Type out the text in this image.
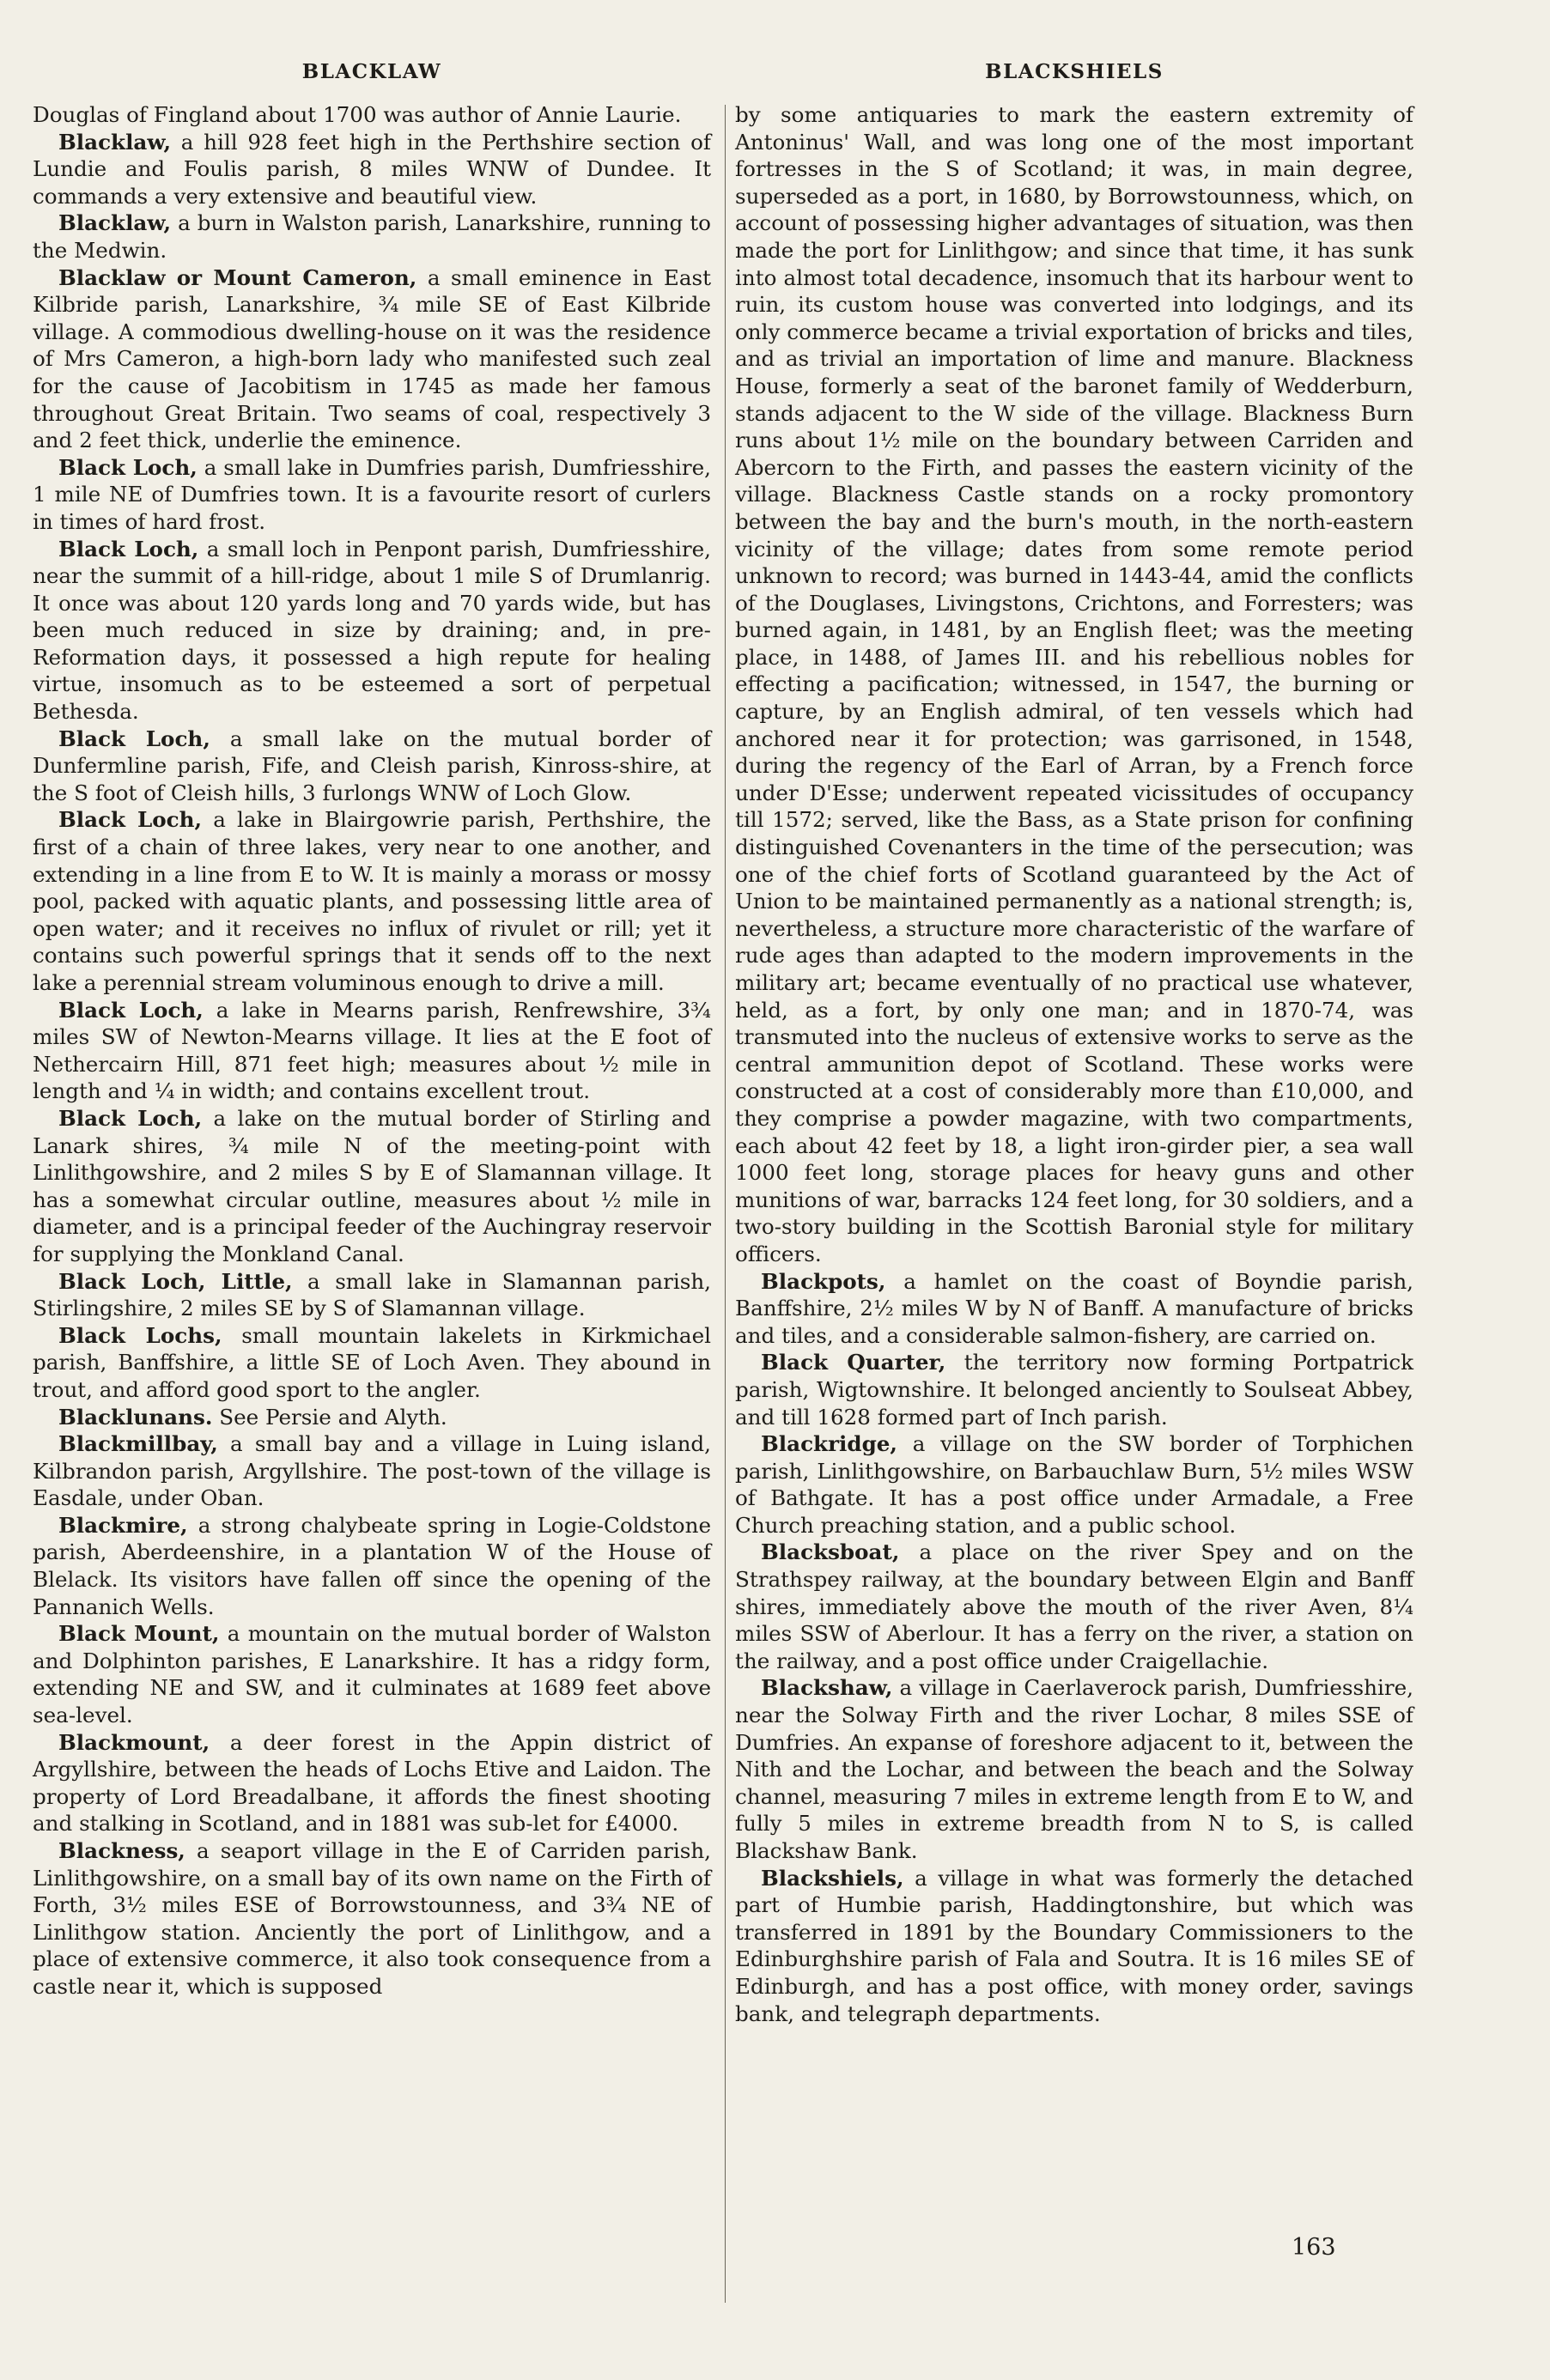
BLACKLAW

Douglas of Fingland about 1700 was author of Annie Laurie.

Blacklaw, a hill 928 feet high in the Perthshire section of Lundie and Foulis parish, 8 miles WNW of Dundee. It commands a very extensive and beautiful view.

Blacklaw, a burn in Walston parish, Lanarkshire, running to the Medwin.

Blacklaw or Mount Cameron, a small eminence in East Kilbride parish, Lanarkshire, ¾ mile SE of East Kilbride village. A commodious dwelling-house on it was the residence of Mrs Cameron, a high-born lady who manifested such zeal for the cause of Jacobitism in 1745 as made her famous throughout Great Britain. Two seams of coal, respectively 3 and 2 feet thick, underlie the eminence.

Black Loch, a small lake in Dumfries parish, Dumfriesshire, 1 mile NE of Dumfries town. It is a favourite resort of curlers in times of hard frost.

Black Loch, a small loch in Penpont parish, Dumfriesshire, near the summit of a hill-ridge, about 1 mile S of Drumlanrig. It once was about 120 yards long and 70 yards wide, but has been much reduced in size by draining; and, in pre-Reformation days, it possessed a high repute for healing virtue, insomuch as to be esteemed a sort of perpetual Bethesda.

Black Loch, a small lake on the mutual border of Dunfermline parish, Fife, and Cleish parish, Kinross-shire, at the S foot of Cleish hills, 3 furlongs WNW of Loch Glow.

Black Loch, a lake in Blairgowrie parish, Perthshire, the first of a chain of three lakes, very near to one another, and extending in a line from E to W. It is mainly a morass or mossy pool, packed with aquatic plants, and possessing little area of open water; and it receives no influx of rivulet or rill; yet it contains such powerful springs that it sends off to the next lake a perennial stream voluminous enough to drive a mill.

Black Loch, a lake in Mearns parish, Renfrewshire, 3¾ miles SW of Newton-Mearns village. It lies at the E foot of Nethercairn Hill, 871 feet high; measures about ½ mile in length and ¼ in width; and contains excellent trout.

Black Loch, a lake on the mutual border of Stirling and Lanark shires, ¾ mile N of the meeting-point with Linlithgowshire, and 2 miles S by E of Slamannan village. It has a somewhat circular outline, measures about ½ mile in diameter, and is a principal feeder of the Auchingray reservoir for supplying the Monkland Canal.

Black Loch, Little, a small lake in Slamannan parish, Stirlingshire, 2 miles SE by S of Slamannan village.

Black Lochs, small mountain lakelets in Kirkmichael parish, Banffshire, a little SE of Loch Aven. They abound in trout, and afford good sport to the angler.

Blacklunans. See Persie and Alyth.

Blackmillbay, a small bay and a village in Luing island, Kilbrandon parish, Argyllshire. The post-town of the village is Easdale, under Oban.

Blackmire, a strong chalybeate spring in Logie-Coldstone parish, Aberdeenshire, in a plantation W of the House of Blelack. Its visitors have fallen off since the opening of the Pannanich Wells.

Black Mount, a mountain on the mutual border of Walston and Dolphinton parishes, E Lanarkshire. It has a ridgy form, extending NE and SW, and it culminates at 1689 feet above sea-level.

Blackmount, a deer forest in the Appin district of Argyllshire, between the heads of Lochs Etive and Laidon. The property of Lord Breadalbane, it affords the finest shooting and stalking in Scotland, and in 1881 was sub-let for £4000.

Blackness, a seaport village in the E of Carriden parish, Linlithgowshire, on a small bay of its own name on the Firth of Forth, 3½ miles ESE of Borrowstounness, and 3¾ NE of Linlithgow station. Anciently the port of Linlithgow, and a place of extensive commerce, it also took consequence from a castle near it, which is supposed

BLACKSHIELS

by some antiquaries to mark the eastern extremity of Antoninus' Wall, and was long one of the most important fortresses in the S of Scotland; it was, in main degree, superseded as a port, in 1680, by Borrowstounness, which, on account of possessing higher advantages of situation, was then made the port for Linlithgow; and since that time, it has sunk into almost total decadence, insomuch that its harbour went to ruin, its custom house was converted into lodgings, and its only commerce became a trivial exportation of bricks and tiles, and as trivial an importation of lime and manure. Blackness House, formerly a seat of the baronet family of Wedderburn, stands adjacent to the W side of the village. Blackness Burn runs about 1½ mile on the boundary between Carriden and Abercorn to the Firth, and passes the eastern vicinity of the village. Blackness Castle stands on a rocky promontory between the bay and the burn's mouth, in the north-eastern vicinity of the village; dates from some remote period unknown to record; was burned in 1443-44, amid the conflicts of the Douglases, Livingstons, Crichtons, and Forresters; was burned again, in 1481, by an English fleet; was the meeting place, in 1488, of James III. and his rebellious nobles for effecting a pacification; witnessed, in 1547, the burning or capture, by an English admiral, of ten vessels which had anchored near it for protection; was garrisoned, in 1548, during the regency of the Earl of Arran, by a French force under D'Esse; underwent repeated vicissitudes of occupancy till 1572; served, like the Bass, as a State prison for confining distinguished Covenanters in the time of the persecution; was one of the chief forts of Scotland guaranteed by the Act of Union to be maintained permanently as a national strength; is, nevertheless, a structure more characteristic of the warfare of rude ages than adapted to the modern improvements in the military art; became eventually of no practical use whatever, held, as a fort, by only one man; and in 1870-74, was transmuted into the nucleus of extensive works to serve as the central ammunition depot of Scotland. These works were constructed at a cost of considerably more than £10,000, and they comprise a powder magazine, with two compartments, each about 42 feet by 18, a light iron-girder pier, a sea wall 1000 feet long, storage places for heavy guns and other munitions of war, barracks 124 feet long, for 30 soldiers, and a two-story building in the Scottish Baronial style for military officers.

Blackpots, a hamlet on the coast of Boyndie parish, Banffshire, 2½ miles W by N of Banff. A manufacture of bricks and tiles, and a considerable salmon-fishery, are carried on.

Black Quarter, the territory now forming Portpatrick parish, Wigtownshire. It belonged anciently to Soulseat Abbey, and till 1628 formed part of Inch parish.

Blackridge, a village on the SW border of Torphichen parish, Linlithgowshire, on Barbauchlaw Burn, 5½ miles WSW of Bathgate. It has a post office under Armadale, a Free Church preaching station, and a public school.

Blacksboat, a place on the river Spey and on the Strathspey railway, at the boundary between Elgin and Banff shires, immediately above the mouth of the river Aven, 8¼ miles SSW of Aberlour. It has a ferry on the river, a station on the railway, and a post office under Craigellachie.

Blackshaw, a village in Caerlaverock parish, Dumfriesshire, near the Solway Firth and the river Lochar, 8 miles SSE of Dumfries. An expanse of foreshore adjacent to it, between the Nith and the Lochar, and between the beach and the Solway channel, measuring 7 miles in extreme length from E to W, and fully 5 miles in extreme breadth from N to S, is called Blackshaw Bank.

Blackshiels, a village in what was formerly the detached part of Humbie parish, Haddingtonshire, but which was transferred in 1891 by the Boundary Commissioners to the Edinburghshire parish of Fala and Soutra. It is 16 miles SE of Edinburgh, and has a post office, with money order, savings bank, and telegraph departments.

163
